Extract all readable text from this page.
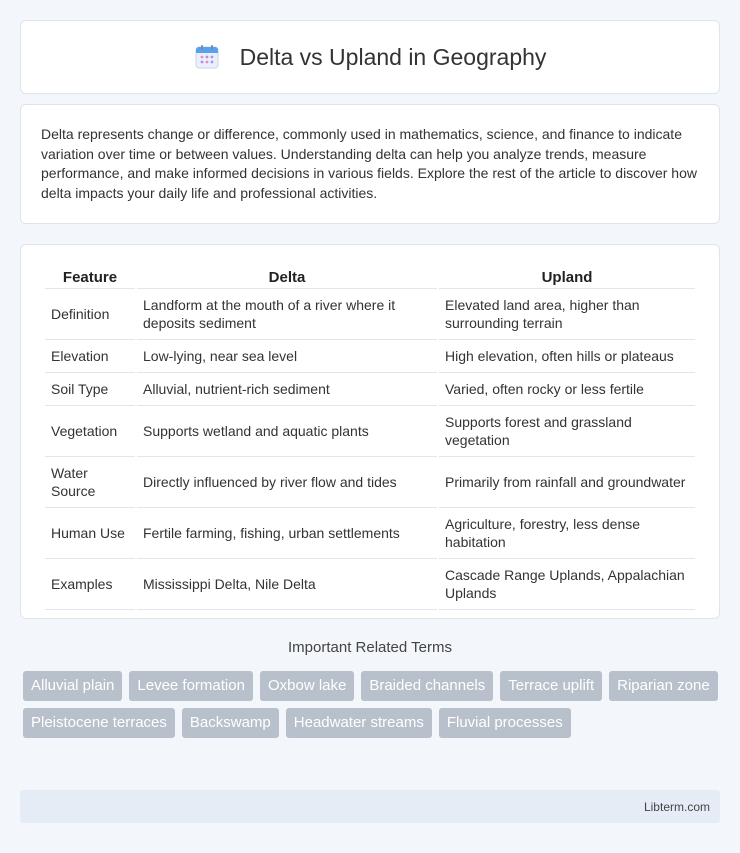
Delta vs Upland in Geography

Delta represents change or difference, commonly used in mathematics, science, and finance to indicate variation over time or between values. Understanding delta can help you analyze trends, measure performance, and make informed decisions in various fields. Explore the rest of the article to discover how delta impacts your daily life and professional activities.

Feature	Delta	Upland
Definition	Landform at the mouth of a river where it deposits sediment	Elevated land area, higher than surrounding terrain
Elevation	Low-lying, near sea level	High elevation, often hills or plateaus
Soil Type	Alluvial, nutrient-rich sediment	Varied, often rocky or less fertile
Vegetation	Supports wetland and aquatic plants	Supports forest and grassland vegetation
Water Source	Directly influenced by river flow and tides	Primarily from rainfall and groundwater
Human Use	Fertile farming, fishing, urban settlements	Agriculture, forestry, less dense habitation
Examples	Mississippi Delta, Nile Delta	Cascade Range Uplands, Appalachian Uplands
Important Related Terms
Alluvial plain	Levee formation	Oxbow lake	Braided channels	Terrace uplift	Riparian zone
Pleistocene terraces	Backswamp	Headwater streams	Fluvial processes
Libterm.com
